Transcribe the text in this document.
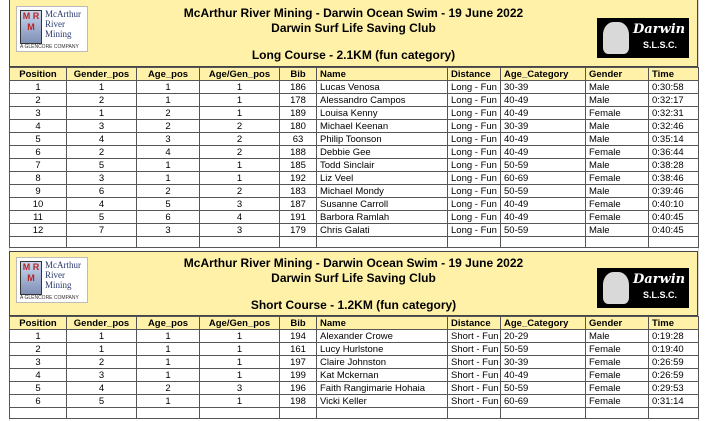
M R M
McArthur
River
Mining
A GLENCORE COMPANY
McArthur River Mining - Darwin Ocean Swim - 19 June 2022
Darwin Surf Life Saving Club
Long Course - 2.1KM (fun category)
Darwin
S.L.S.C.
Position	Gender_pos	Age_pos	Age/Gen_pos	Bib	Name	Distance	Age_Category	Gender	Time
1	1	1	1	186	Lucas Venosa	Long - Fun	30-39	Male	0:30:58
2	2	1	1	178	Alessandro Campos	Long - Fun	40-49	Male	0:32:17
3	1	2	1	189	Louisa Kenny	Long - Fun	40-49	Female	0:32:31
4	3	2	2	180	Michael Keenan	Long - Fun	30-39	Male	0:32:46
5	4	3	2	63	Philip Toonson	Long - Fun	40-49	Male	0:35:14
6	2	4	2	188	Debbie Gee	Long - Fun	40-49	Female	0:36:44
7	5	1	1	185	Todd Sinclair	Long - Fun	50-59	Male	0:38:28
8	3	1	1	192	Liz Veel	Long - Fun	60-69	Female	0:38:46
9	6	2	2	183	Michael Mondy	Long - Fun	50-59	Male	0:39:46
10	4	5	3	187	Susanne Carroll	Long - Fun	40-49	Female	0:40:10
11	5	6	4	191	Barbora Ramlah	Long - Fun	40-49	Female	0:40:45
12	7	3	3	179	Chris Galati	Long - Fun	50-59	Male	0:40:45

M R M
McArthur
River
Mining
A GLENCORE COMPANY
McArthur River Mining - Darwin Ocean Swim - 19 June 2022
Darwin Surf Life Saving Club
Short Course - 1.2KM (fun category)
Darwin
S.L.S.C.
Position	Gender_pos	Age_pos	Age/Gen_pos	Bib	Name	Distance	Age_Category	Gender	Time
1	1	1	1	194	Alexander Crowe	Short - Fun	20-29	Male	0:19:28
2	1	1	1	161	Lucy Hurlstone	Short - Fun	50-59	Female	0:19:40
3	2	1	1	197	Claire Johnston	Short - Fun	30-39	Female	0:26:59
4	3	1	1	199	Kat Mckernan	Short - Fun	40-49	Female	0:26:59
5	4	2	3	196	Faith Rangimarie Hohaia	Short - Fun	50-59	Female	0:29:53
6	5	1	1	198	Vicki Keller	Short - Fun	60-69	Female	0:31:14
